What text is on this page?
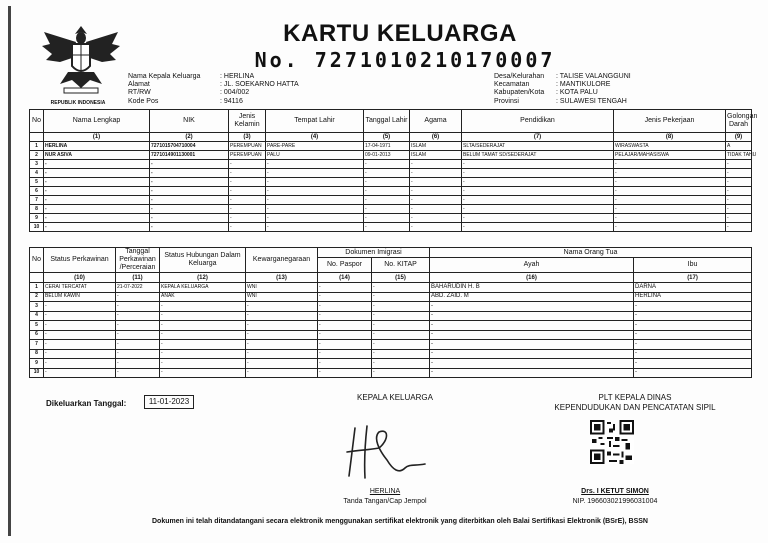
REPUBLIK INDONESIA
KARTU KELUARGA
No. 7271010210170007
Nama Kepala Keluarga	: HERLINA
Alamat	: JL. SOEKARNO HATTA
RT/RW	: 004/002
Kode Pos	: 94116
Desa/Kelurahan : TALISE VALANGGUNI
Kecamatan	: MANTIKULORE
Kabupaten/Kota : KOTA PALU
Provinsi	: SULAWESI TENGAH
No	Nama Lengkap	NIK	Jenis Kelamin	Tempat Lahir	Tanggal Lahir	Agama	Pendidikan	Jenis Pekerjaan	Golongan Darah
	(1)	(2)	(3)	(4)	(5)	(6)	(7)	(8)	(9)
1	HERLINA	7271015704710004	PEREMPUAN	PARE-PARE	17-04-1971	ISLAM	SLTA/SEDERAJAT	WIRASWASTA	A
2	NUR ASIVA	7271014901130001	PEREMPUAN	PALU	09-01-2013	ISLAM	BELUM TAMAT SD/SEDERAJAT	PELAJAR/MAHASISWA	TIDAK TAHU
3	-	-	-	-	-	-	-	-	-
4	-	-	-	-	-	-	-	-	-
5	-	-	-	-	-	-	-	-	-
6	-	-	-	-	-	-	-	-	-
7	-	-	-	-	-	-	-	-	-
8	-	-	-	-	-	-	-	-	-
9	-	-	-	-	-	-	-	-	-
10	-	-	-	-	-	-	-	-	-
No	Status Perkawinan	Tanggal Perkawinan /Perceraian	Status Hubungan Dalam Keluarga	Kewarganegaraan	Dokumen Imigrasi		Nama Orang Tua	
					No. Paspor	No. KITAP	Ayah	Ibu
	(10)	(11)	(12)	(13)	(14)	(15)	(16)	(17)
1	CERAI TERCATAT	21-07-2022	KEPALA KELUARGA	WNI	-	-	BAHARUDIN H. B	DARNA
2	BELUM KAWIN	-	ANAK	WNI	-	-	ABD. ZAID. M	HERLINA
3	-	-	-	-	-	-	-	-
4	-	-	-	-	-	-	-	-
5	-	-	-	-	-	-	-	-
6	-	-	-	-	-	-	-	-
7	-	-	-	-	-	-	-	-
8	-	-	-	-	-	-	-	-
9	-	-	-	-	-	-	-	-
10	-	-	-	-	-	-	-	-
Dikeluarkan Tanggal:	11-01-2023	KEPALA KELUARGA
HERLINA
Tanda Tangan/Cap Jempol
PLT KEPALA DINAS
KEPENDUDUKAN DAN PENCATATAN SIPIL
Drs. I KETUT SIMON
NIP. 196603021996031004
Dokumen ini telah ditandatangani secara elektronik menggunakan sertifikat elektronik yang diterbitkan oleh Balai Sertifikasi Elektronik (BSrE), BSSN
